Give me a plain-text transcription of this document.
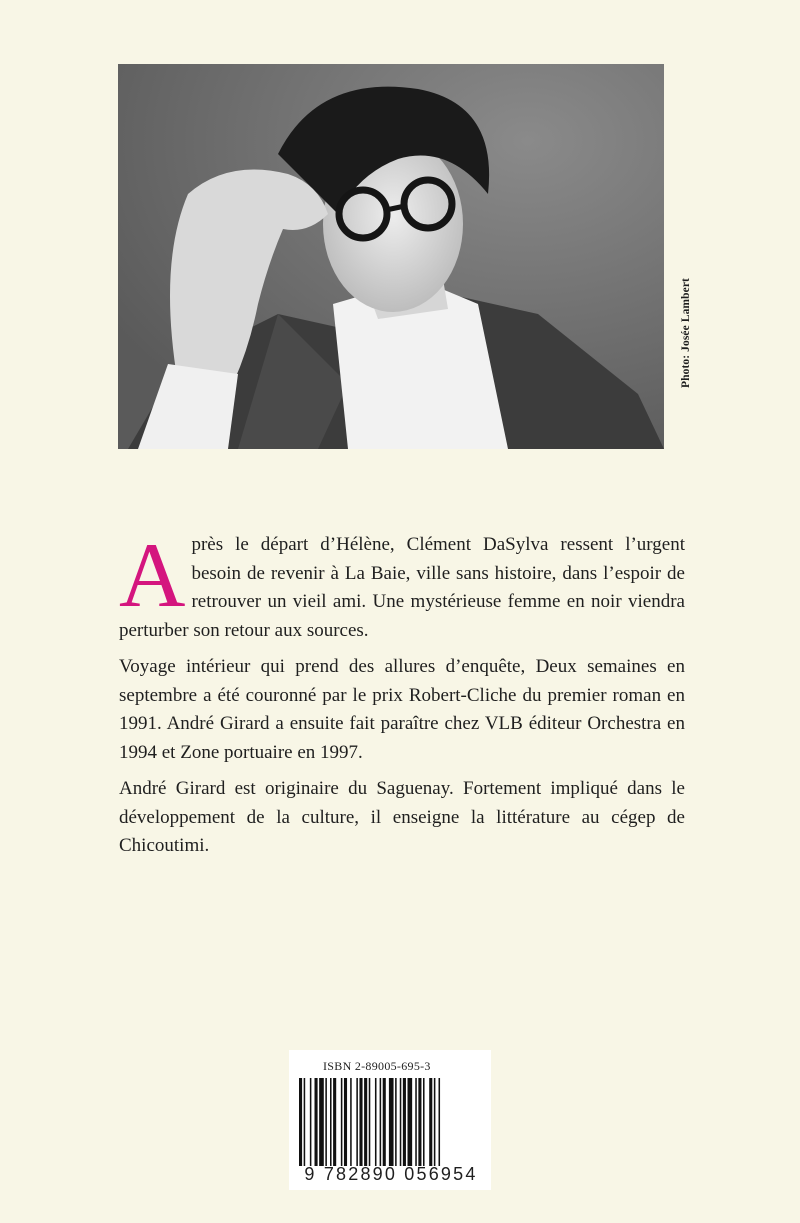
Photo: Josée Lambert

Après le départ d’Hélène, Clément DaSylva ressent l’urgent besoin de revenir à La Baie, ville sans histoire, dans l’espoir de retrouver un vieil ami. Une mystérieuse femme en noir viendra perturber son retour aux sources.

Voyage intérieur qui prend des allures d’enquête, Deux semaines en septembre a été couronné par le prix Robert-Cliche du premier roman en 1991. André Girard a ensuite fait paraître chez VLB éditeur Orchestra en 1994 et Zone portuaire en 1997.

André Girard est originaire du Saguenay. Fortement impliqué dans le développement de la culture, il enseigne la littérature au cégep de Chicoutimi.

ISBN 2-89005-695-3
9 782890 056954
